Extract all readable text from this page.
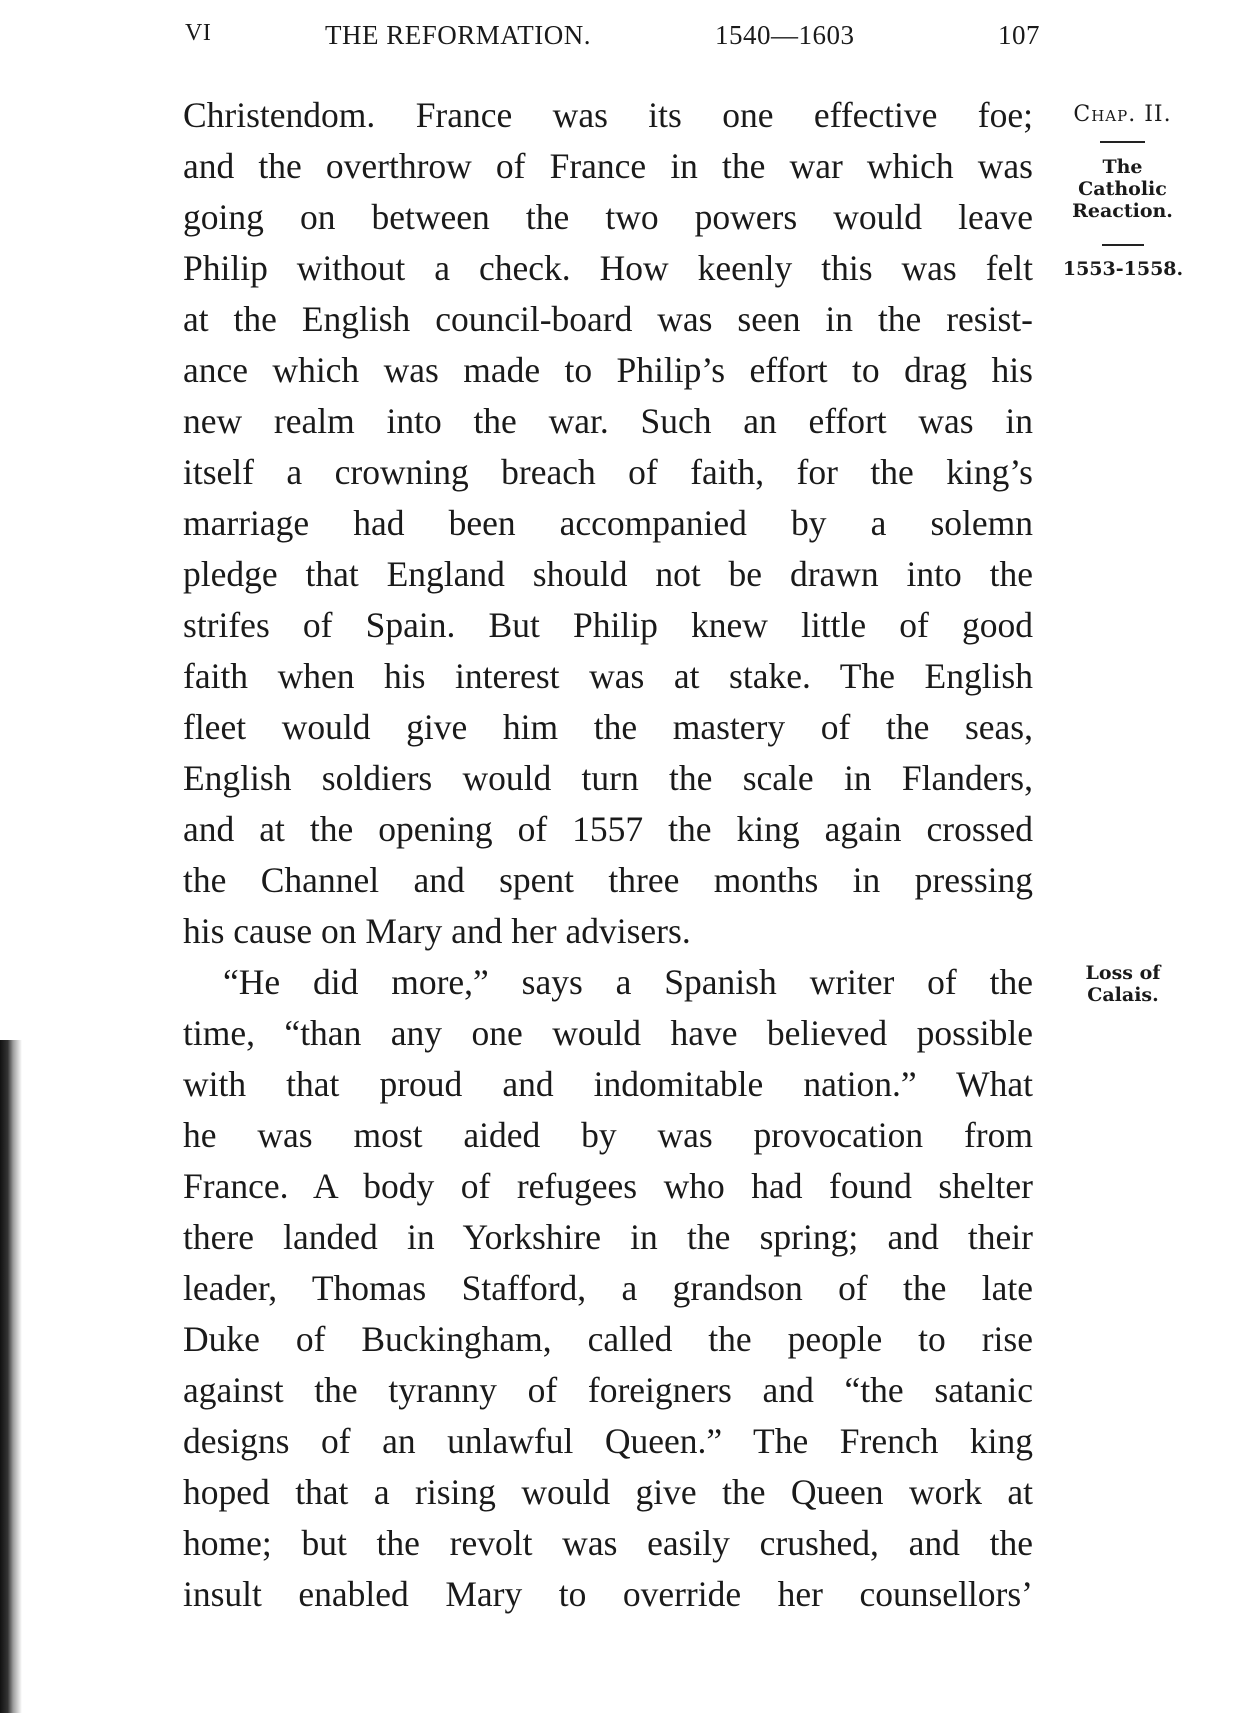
VI	THE REFORMATION.	1540—1603	107
Christendom. France was its one effective foe;
and the overthrow of France in the war which was
going on between the two powers would leave
Philip without a check. How keenly this was felt
at the English council-board was seen in the resist-
ance which was made to Philip’s effort to drag his
new realm into the war. Such an effort was in
itself a crowning breach of faith, for the king’s
marriage had been accompanied by a solemn
pledge that England should not be drawn into the
strifes of Spain. But Philip knew little of good
faith when his interest was at stake. The English
fleet would give him the mastery of the seas,
English soldiers would turn the scale in Flanders,
and at the opening of 1557 the king again crossed
the Channel and spent three months in pressing
his cause on Mary and her advisers.
“He did more,” says a Spanish writer of the
time, “than any one would have believed possible
with that proud and indomitable nation.” What
he was most aided by was provocation from
France. A body of refugees who had found shelter
there landed in Yorkshire in the spring; and their
leader, Thomas Stafford, a grandson of the late
Duke of Buckingham, called the people to rise
against the tyranny of foreigners and “the satanic
designs of an unlawful Queen.” The French king
hoped that a rising would give the Queen work at
home; but the revolt was easily crushed, and the
insult enabled Mary to override her counsellors’
Chap. II.
The
Catholic
Reaction.
1553-1558.
Loss of
Calais.
